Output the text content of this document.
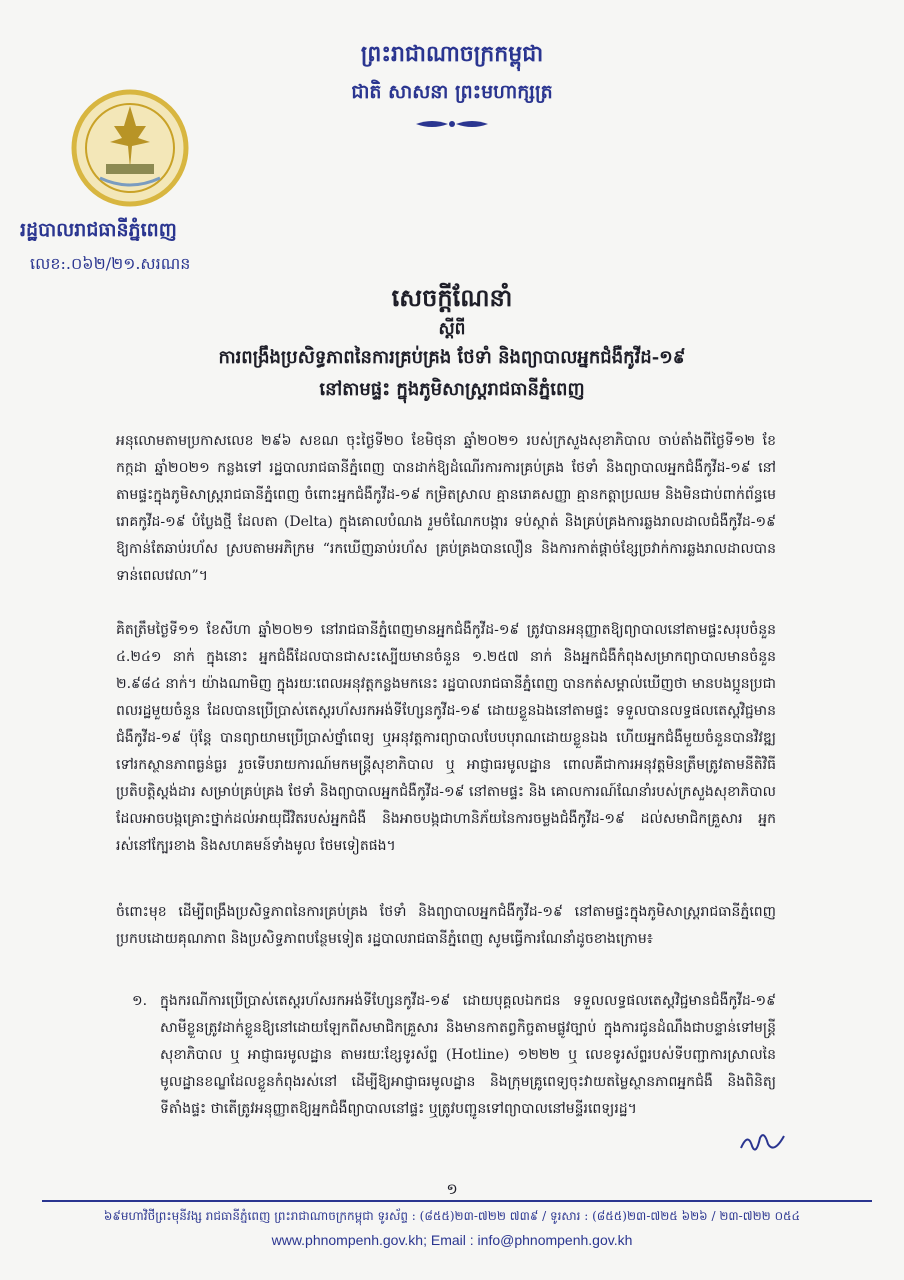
ព្រះរាជាណាចក្រកម្ពុជា
ជាតិ សាសនា ព្រះមហាក្សត្រ
រដ្ឋបាលរាជធានីភ្នំពេញ
លេខ:.០៦២/២១.សរណន
សេចក្ដីណែនាំ
ស្ដីពី
ការពង្រឹងប្រសិទ្ធភាពនៃការគ្រប់គ្រង ថែទាំ និងព្យាបាលអ្នកជំងឺកូវីដ-១៩
នៅតាមផ្ទះ ក្នុងភូមិសាស្ត្ររាជធានីភ្នំពេញ

អនុលោមតាមប្រកាសលេខ ២៩៦ សខណ ចុះថ្ងៃទី២០ ខែមិថុនា ឆ្នាំ២០២១ របស់ក្រសួងសុខាភិបាល ចាប់តាំងពីថ្ងៃទី១២ ខែកក្កដា ឆ្នាំ២០២១ កន្លងទៅ រដ្ឋបាលរាជធានីភ្នំពេញ បានដាក់ឱ្យដំណើរការការគ្រប់គ្រង ថែទាំ និងព្យាបាលអ្នកជំងឺកូវីដ-១៩ នៅតាមផ្ទះក្នុងភូមិសាស្ត្ររាជធានីភ្នំពេញ ចំពោះអ្នកជំងឺកូវីដ-១៩ កម្រិតស្រាល គ្មានរោគសញ្ញា គ្មានកត្តាប្រឈម និងមិនជាប់ពាក់ព័ន្ធមេរោគកូវីដ-១៩ បំប្លែងថ្មី ដែលតា (Delta) ក្នុងគោលបំណង រួមចំណែកបង្ការ ទប់ស្កាត់ និងគ្រប់គ្រងការឆ្លងរាលដាលជំងឺកូវីដ-១៩ ឱ្យកាន់តែឆាប់រហ័ស ស្របតាមអភិក្រម “រកឃើញឆាប់រហ័ស គ្រប់គ្រងបានលឿន និងការកាត់ផ្ដាច់ខ្សែច្រវាក់ការឆ្លងរាលដាលបានទាន់ពេលវេលា”។

គិតត្រឹមថ្ងៃទី១១ ខែសីហា ឆ្នាំ២០២១ នៅរាជធានីភ្នំពេញមានអ្នកជំងឺកូវីដ-១៩ ត្រូវបានអនុញ្ញាតឱ្យព្យាបាលនៅតាមផ្ទះសរុបចំនួន ៤.២៤១ នាក់ ក្នុងនោះ អ្នកជំងឺដែលបានជាសះស្បើយមានចំនួន ១.២៥៧ នាក់ និងអ្នកជំងឺកំពុងសម្រាកព្យាបាលមានចំនួន ២.៩៨៤ នាក់។ យ៉ាងណាមិញ ក្នុងរយៈពេលអនុវត្តកន្លងមកនេះ រដ្ឋបាលរាជធានីភ្នំពេញ បានកត់សម្គាល់ឃើញថា មានបងប្អូនប្រជាពលរដ្ឋមួយចំនួន ដែលបានប្រើប្រាស់តេស្តរហ័សរកអង់ទីហ្សែនកូវីដ-១៩ ដោយខ្លួនឯងនៅតាមផ្ទះ ទទួលបានលទ្ធផលតេស្តវិជ្ជមានជំងឺកូវីដ-១៩ ប៉ុន្តែ បានព្យាយាមប្រើប្រាស់ថ្នាំពេទ្យ ឬអនុវត្តការព្យាបាលបែបបុរាណដោយខ្លួនឯង ហើយអ្នកជំងឺមួយចំនួនបានវិវឌ្ឍទៅរកស្ថានភាពធ្ងន់ធ្ងរ រួចទើបរាយការណ៍មកមន្ត្រីសុខាភិបាល ឬ អាជ្ញាធរមូលដ្ឋាន ពោលគឺជាការអនុវត្តមិនត្រឹមត្រូវតាមនីតិវិធីប្រតិបត្តិស្តង់ដារ សម្រាប់គ្រប់គ្រង ថែទាំ និងព្យាបាលអ្នកជំងឺកូវីដ-១៩ នៅតាមផ្ទះ និង គោលការណ៍ណែនាំរបស់ក្រសួងសុខាភិបាល ដែលអាចបង្កគ្រោះថ្នាក់ដល់អាយុជីវិតរបស់អ្នកជំងឺ និងអាចបង្កជាហានិភ័យនៃការចម្លងជំងឺកូវីដ-១៩ ដល់សមាជិកគ្រួសារ អ្នករស់នៅក្បែរខាង និងសហគមន៍ទាំងមូល ថែមទៀតផង។

ចំពោះមុខ ដើម្បីពង្រឹងប្រសិទ្ធភាពនៃការគ្រប់គ្រង ថែទាំ និងព្យាបាលអ្នកជំងឺកូវីដ-១៩ នៅតាមផ្ទះក្នុងភូមិសាស្ត្ររាជធានីភ្នំពេញ ប្រកបដោយគុណភាព និងប្រសិទ្ធភាពបន្ថែមទៀត រដ្ឋបាលរាជធានីភ្នំពេញ សូមធ្វើការណែនាំដូចខាងក្រោម៖

១. ក្នុងករណីការប្រើប្រាស់តេស្តរហ័សរកអង់ទីហ្សែនកូវីដ-១៩ ដោយបុគ្គលឯកជន ទទួលលទ្ធផលតេស្តវិជ្ជមានជំងឺកូវីដ-១៩ សាមីខ្លួនត្រូវដាក់ខ្លួនឱ្យនៅដោយឡែកពីសមាជិកគ្រួសារ និងមានកាតព្វកិច្ចតាមផ្លូវច្បាប់ ក្នុងការជូនដំណឹងជាបន្ទាន់ទៅមន្ត្រីសុខាភិបាល ឬ អាជ្ញាធរមូលដ្ឋាន តាមរយៈខ្សែទូរស័ព្ទ (Hotline) ១២២២ ឬ លេខទូរស័ព្ទរបស់ទីបញ្ជាការស្រាលនៃមូលដ្ឋានខណ្ឌដែលខ្លួនកំពុងរស់នៅ ដើម្បីឱ្យអាជ្ញាធរមូលដ្ឋាន និងក្រុមគ្រូពេទ្យចុះវាយតម្លៃស្ថានភាពអ្នកជំងឺ និងពិនិត្យទីតាំងផ្ទះ ថាតើត្រូវអនុញ្ញាតឱ្យអ្នកជំងឺព្យាបាលនៅផ្ទះ ឬត្រូវបញ្ជូនទៅព្យាបាលនៅមន្ទីរពេទ្យរដ្ឋ។

១
៦៩មហាវិថីព្រះមុនីវង្ស រាជធានីភ្នំពេញ ព្រះរាជាណាចក្រកម្ពុជា ទូរស័ព្ទ : (៨៥៥)២៣-៧២២ ៧៣៩ / ទូរសារ : (៨៥៥)២៣-៧២៥ ៦២៦ / ២៣-៧២២ ០៥៤
www.phnompenh.gov.kh; Email : info@phnompenh.gov.kh
